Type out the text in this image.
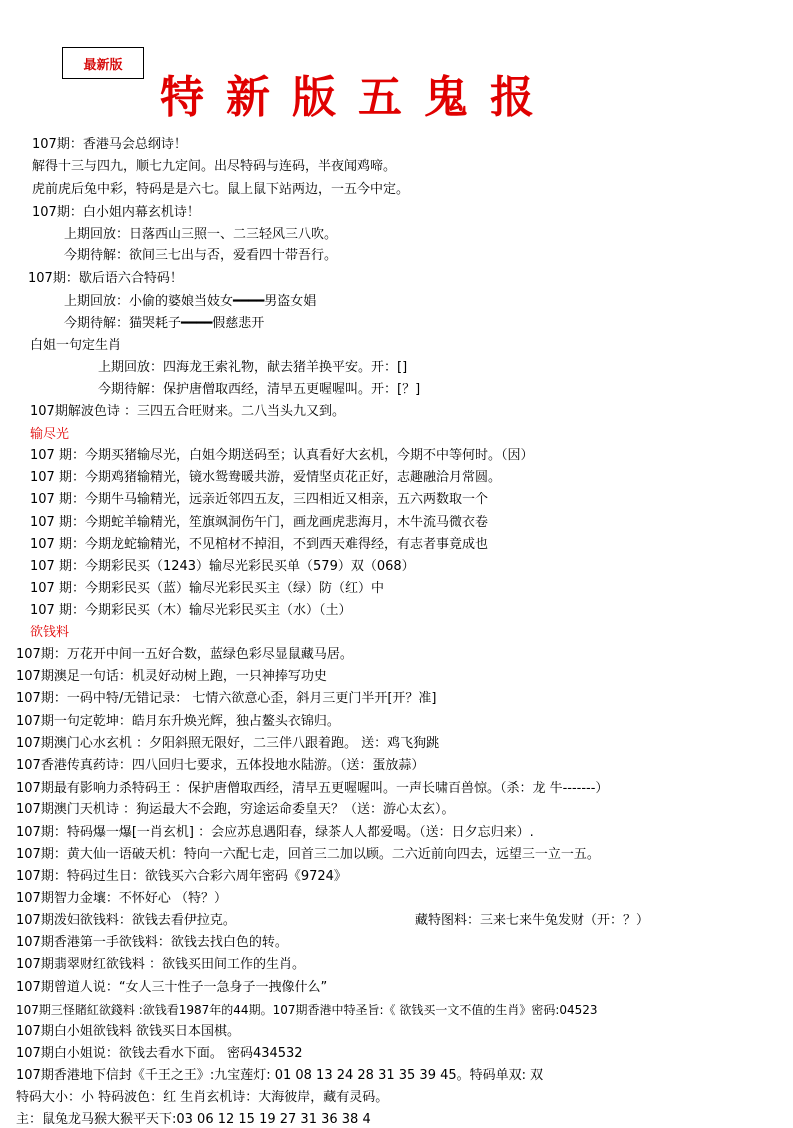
最新版
特新版五鬼报

107期：香港马会总纲诗！

解得十三与四九，顺七九定间。出尽特码与连码，半夜闻鸡啼。

虎前虎后兔中彩，特码是是六七。鼠上鼠下站两边，一五今中定。

107期：白小姐内幕玄机诗！

上期回放：日落西山三照一、二三轻风三八吹。

今期待解：欲间三七出与否，爱看四十带吾行。

107期：歇后语六合特码！

上期回放：小偷的婆娘当妓女━━━━男盗女娼

今期待解：猫哭耗子━━━━假慈悲开

白姐一句定生肖

上期回放：四海龙王索礼物，献去猪羊换平安。开：[]

今期待解：保护唐僧取西经，清早五更喔喔叫。开：[？]

107期解波色诗 ：三四五合旺财来。二八当头九又到。

输尽光

107 期：今期买猪输尽光，白姐今期送码至；认真看好大玄机，今期不中等何时。（因）

107 期：今期鸡猪输精光，镜水鸳鸯暖共游，爱情坚贞花正好，志趣融洽月常圆。

107 期：今期牛马输精光，远亲近邻四五友，三四相近又相亲，五六两数取一个

107 期：今期蛇羊输精光，笙旗飒洞伤午门，画龙画虎悲海月，木牛流马微衣卷

107 期：今期龙蛇输精光，不见棺材不掉泪，不到西天难得经，有志者事竟成也

107 期：今期彩民买（1243）输尽光彩民买单（579）双（068）

107 期：今期彩民买（蓝）输尽光彩民买主（绿）防（红）中

107 期：今期彩民买（木）输尽光彩民买主（水）（土）

欲钱料

107期：万花开中间一五好合数，蓝绿色彩尽显鼠藏马居。

107期澳足一句话：机灵好动树上跑，一只神捧写功史

107期：一码中特/无错记录： 七情六欲意心歪，斜月三更门半开[开？准]

107期一句定乾坤：皓月东升焕光辉，独占鳌头衣锦归。

107期澳门心水玄机 ：夕阳斜照无限好，二三伴八跟着跑。 送：鸡飞狗跳

107香港传真药诗：四八回归七要求，五体投地水陆游。（送：蛋放蒜）

107期最有影响力杀特码王 ：保护唐僧取西经，清早五更喔喔叫。一声长啸百兽惊。（杀：龙 牛-------）

107期澳门天机诗 ：狗运最大不会跑，穷途运命委皇天？（送：游心太玄）。

107期：特码爆一爆[一肖玄机] ：会应苏息遇阳春，绿茶人人都爱喝。（送：日夕忘归来）.

107期：黄大仙一语破天机：特向一六配七走，回首三二加以顾。二六近前向四去，远望三一立一五。

107期：特码过生日：欲钱买六合彩六周年密码《9724》

107期智力金壤：不怀好心 （特？）

107期泼妇欲钱料：欲钱去看伊拉克。	藏特图料：三来七来牛兔发财（开：？）

107期香港第一手欲钱料：欲钱去找白色的转。

107期翡翠财红欲钱料 ：欲钱买田间工作的生肖。

107期曾道人说：“女人三十性子一急身子一拽像什么”

107期三怪賭紅欲錢料 :欲钱看1987年的44期。107期香港中特圣旨:《 欲钱买一文不值的生肖》密码:04523

107期白小姐欲钱料 欲钱买日本国棋。

107期白小姐说：欲钱去看水下面。 密码434532

107期香港地下信封《千王之王》:九宝莲灯: 01 08 13 24 28 31 35 39 45。特码单双: 双

特码大小：小 特码波色：红 生肖玄机诗：大海彼岸，藏有灵码。

主：鼠兔龙马猴大猴平天下:03 06 12 15 19 27 31 36 38 4
